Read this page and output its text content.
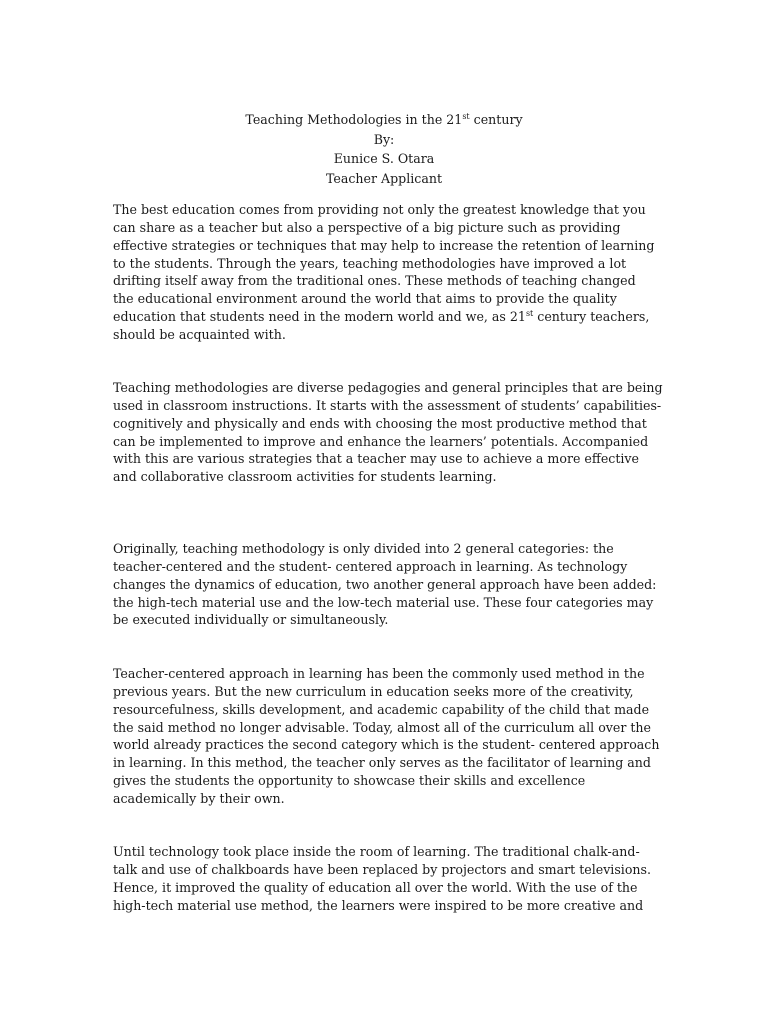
Teaching Methodologies in the 21st century
By:
Eunice S. Otara
Teacher Applicant
The best education comes from providing not only the greatest knowledge that you
can share as a teacher but also a perspective of a big picture such as providing
effective strategies or techniques that may help to increase the retention of learning
to the students. Through the years, teaching methodologies have improved a lot
drifting itself away from the traditional ones. These methods of teaching changed
the educational environment around the world that aims to provide the quality
education that students need in the modern world and we, as 21st century teachers,
should be acquainted with.
Teaching methodologies are diverse pedagogies and general principles that are being
used in classroom instructions. It starts with the assessment of students’ capabilities-
cognitively and physically and ends with choosing the most productive method that
can be implemented to improve and enhance the learners’ potentials. Accompanied
with this are various strategies that a teacher may use to achieve a more effective
and collaborative classroom activities for students learning.
Originally, teaching methodology is only divided into 2 general categories: the
teacher-centered and the student- centered approach in learning. As technology
changes the dynamics of education, two another general approach have been added:
the high-tech material use and the low-tech material use. These four categories may
be executed individually or simultaneously.
Teacher-centered approach in learning has been the commonly used method in the
previous years. But the new curriculum in education seeks more of the creativity,
resourcefulness, skills development, and academic capability of the child that made
the said method no longer advisable. Today, almost all of the curriculum all over the
world already practices the second category which is the student- centered approach
in learning. In this method, the teacher only serves as the facilitator of learning and
gives the students the opportunity to showcase their skills and excellence
academically by their own.
Until technology took place inside the room of learning. The traditional chalk-and-
talk and use of chalkboards have been replaced by projectors and smart televisions.
Hence, it improved the quality of education all over the world. With the use of the
high-tech material use method, the learners were inspired to be more creative and
